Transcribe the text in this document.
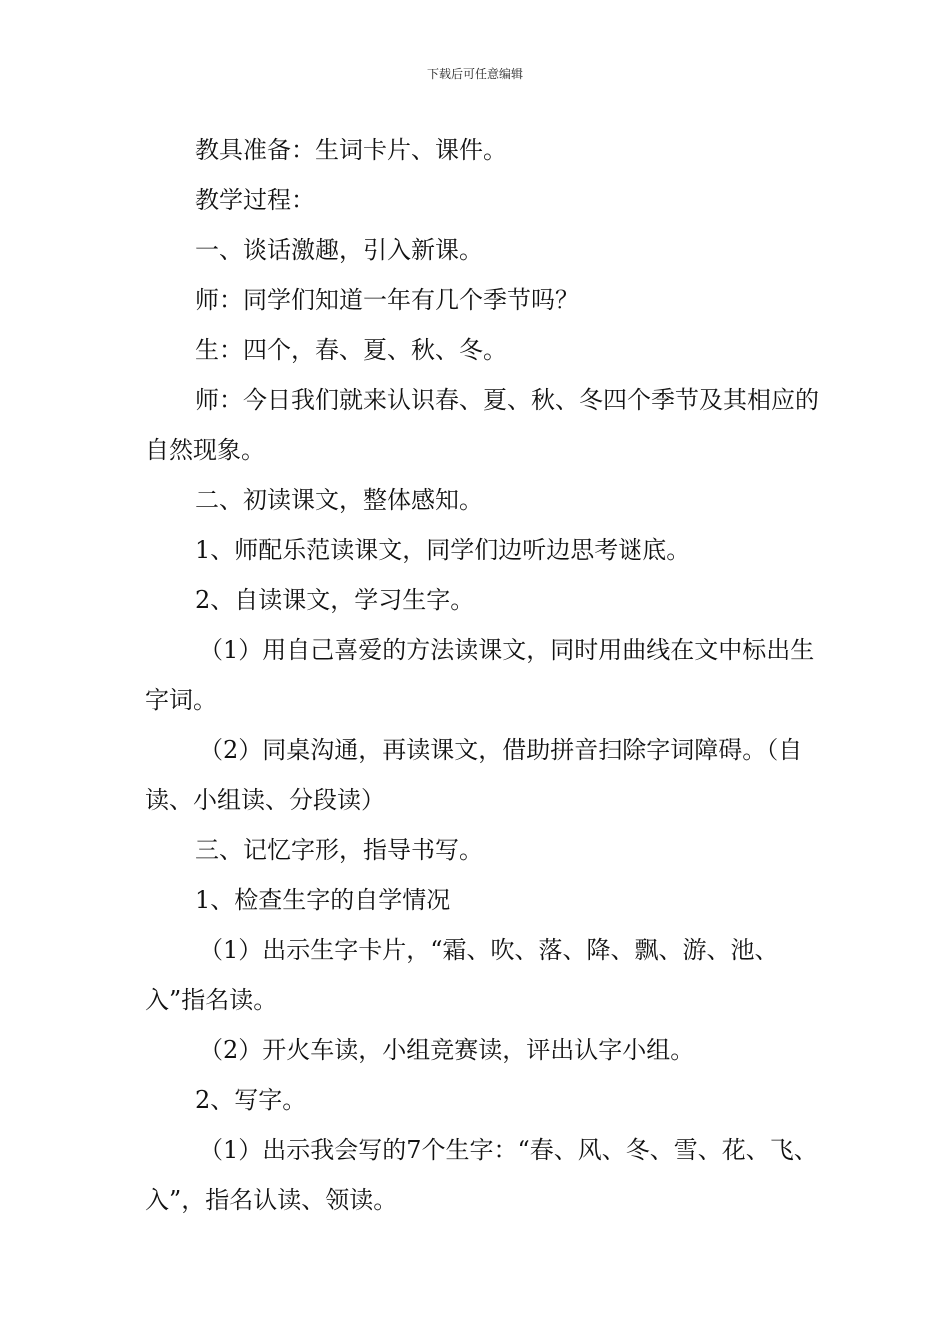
下载后可任意编辑

教具准备：生词卡片、课件。

教学过程：

一、谈话激趣，引入新课。

师：同学们知道一年有几个季节吗？

生：四个，春、夏、秋、冬。

师：今日我们就来认识春、夏、秋、冬四个季节及其相应的自然现象。

二、初读课文，整体感知。

1、师配乐范读课文，同学们边听边思考谜底。

2、自读课文，学习生字。

（1）用自己喜爱的方法读课文，同时用曲线在文中标出生字词。

（2）同桌沟通，再读课文，借助拼音扫除字词障碍。（自读、小组读、分段读）

三、记忆字形，指导书写。

1、检查生字的自学情况

（1）出示生字卡片，“霜、吹、落、降、飘、游、池、入”指名读。

（2）开火车读，小组竞赛读，评出认字小组。

2、写字。

（1）出示我会写的7个生字：“春、风、冬、雪、花、飞、入”，指名认读、领读。
